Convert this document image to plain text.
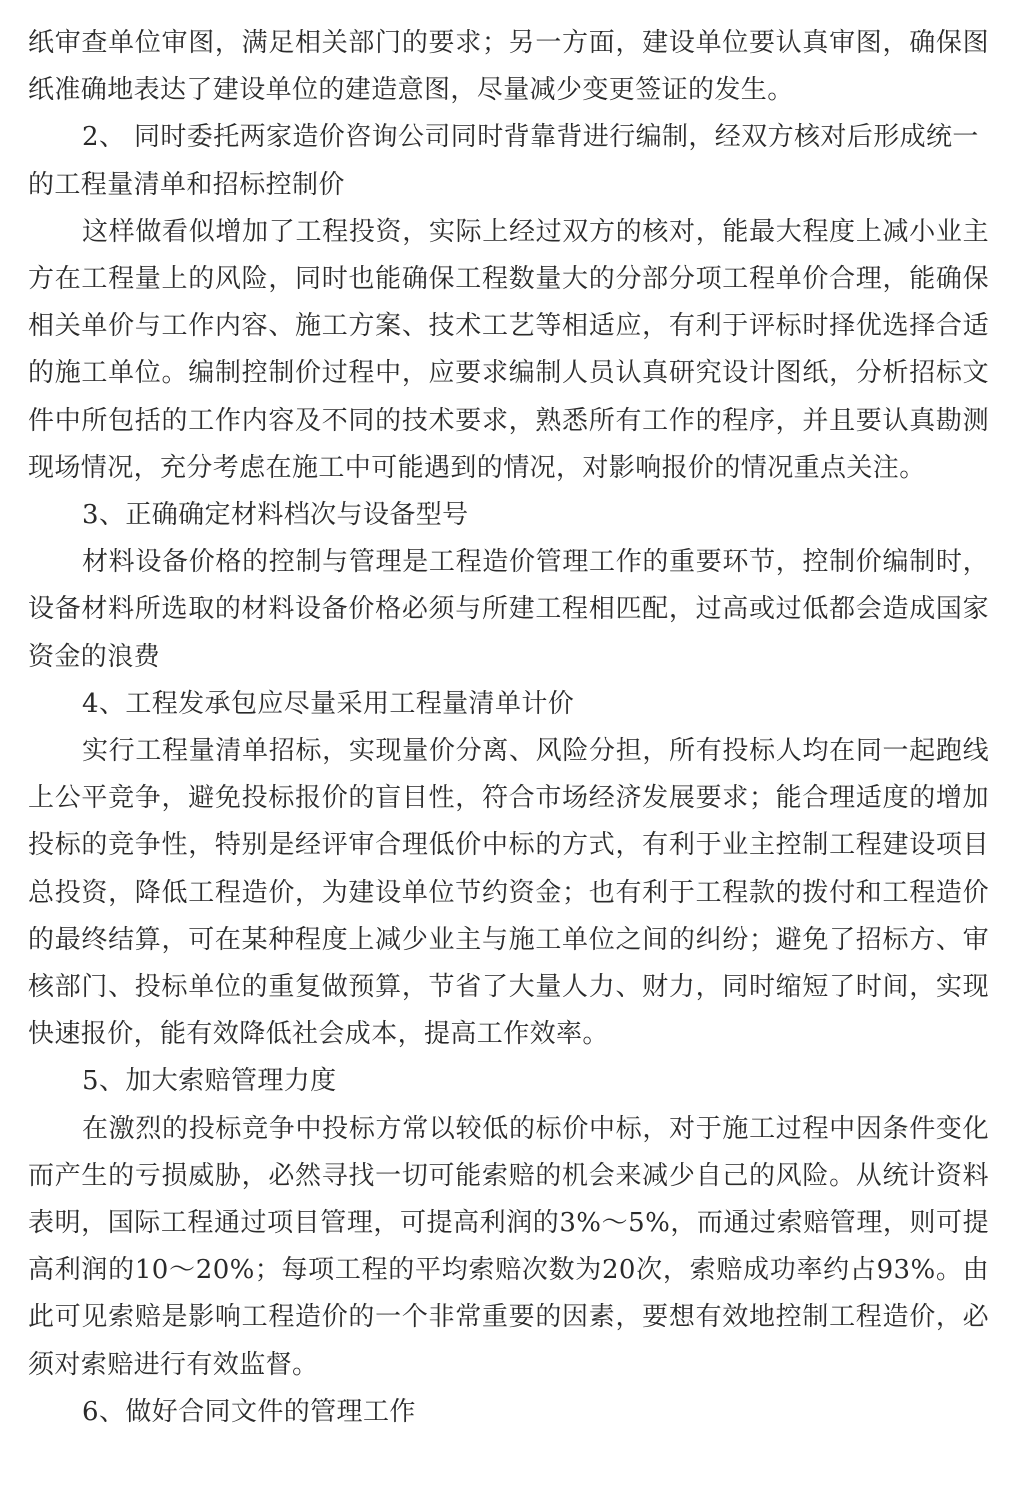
纸审查单位审图，满足相关部门的要求；另一方面，建设单位要认真审图，确保图纸准确地表达了建设单位的建造意图，尽量减少变更签证的发生。

2、 同时委托两家造价咨询公司同时背靠背进行编制，经双方核对后形成统一的工程量清单和招标控制价

这样做看似增加了工程投资，实际上经过双方的核对，能最大程度上减小业主方在工程量上的风险，同时也能确保工程数量大的分部分项工程单价合理，能确保相关单价与工作内容、施工方案、技术工艺等相适应，有利于评标时择优选择合适的施工单位。编制控制价过程中，应要求编制人员认真研究设计图纸，分析招标文件中所包括的工作内容及不同的技术要求，熟悉所有工作的程序，并且要认真勘测现场情况，充分考虑在施工中可能遇到的情况，对影响报价的情况重点关注。

3、正确确定材料档次与设备型号

材料设备价格的控制与管理是工程造价管理工作的重要环节，控制价编制时，设备材料所选取的材料设备价格必须与所建工程相匹配，过高或过低都会造成国家资金的浪费

4、工程发承包应尽量采用工程量清单计价

实行工程量清单招标，实现量价分离、风险分担，所有投标人均在同一起跑线上公平竞争，避免投标报价的盲目性，符合市场经济发展要求；能合理适度的增加投标的竞争性，特别是经评审合理低价中标的方式，有利于业主控制工程建设项目总投资，降低工程造价，为建设单位节约资金；也有利于工程款的拨付和工程造价的最终结算，可在某种程度上减少业主与施工单位之间的纠纷；避免了招标方、审核部门、投标单位的重复做预算，节省了大量人力、财力，同时缩短了时间，实现快速报价，能有效降低社会成本，提高工作效率。

5、加大索赔管理力度

在激烈的投标竞争中投标方常以较低的标价中标，对于施工过程中因条件变化而产生的亏损威胁，必然寻找一切可能索赔的机会来减少自己的风险。从统计资料表明，国际工程通过项目管理，可提高利润的3%～5%，而通过索赔管理，则可提高利润的10～20%；每项工程的平均索赔次数为20次，索赔成功率约占93%。由此可见索赔是影响工程造价的一个非常重要的因素，要想有效地控制工程造价，必须对索赔进行有效监督。

6、做好合同文件的管理工作
